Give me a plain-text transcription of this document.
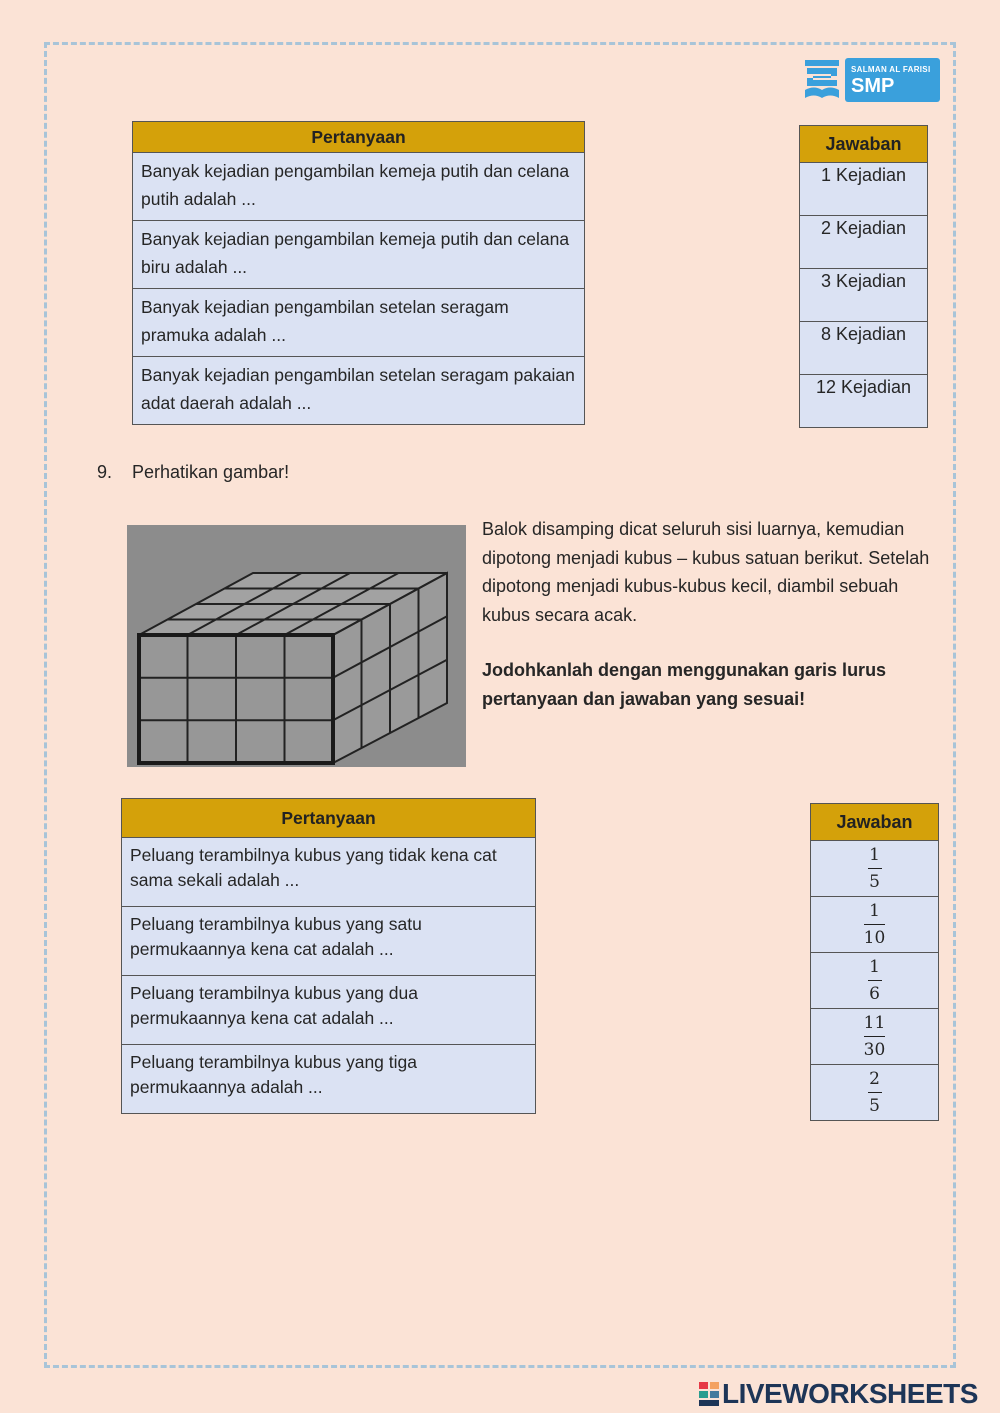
SALMAN AL FARISI
SMP
Pertanyaan
Banyak kejadian pengambilan kemeja putih dan celana putih adalah ...
Banyak kejadian pengambilan kemeja putih dan celana biru adalah ...
Banyak kejadian pengambilan setelan seragam pramuka adalah ...
Banyak kejadian pengambilan setelan seragam pakaian adat daerah adalah ...
Jawaban
1 Kejadian
2 Kejadian
3 Kejadian
8 Kejadian
12 Kejadian
9. Perhatikan gambar!
Balok disamping dicat seluruh sisi luarnya, kemudian dipotong menjadi kubus – kubus satuan berikut. Setelah dipotong menjadi kubus-kubus kecil, diambil sebuah kubus secara acak.
Jodohkanlah dengan menggunakan garis lurus pertanyaan dan jawaban yang sesuai!
Pertanyaan
Peluang terambilnya kubus yang tidak kena cat sama sekali adalah ...
Peluang terambilnya kubus yang satu permukaannya kena cat adalah ...
Peluang terambilnya kubus yang dua permukaannya kena cat adalah ...
Peluang terambilnya kubus yang tiga permukaannya adalah ...
Jawaban

$\frac{1}{5}$

$\frac{1}{10}$

$\frac{1}{6}$

$\frac{11}{30}$

$\frac{2}{5}$
LIVEWORKSHEETS
